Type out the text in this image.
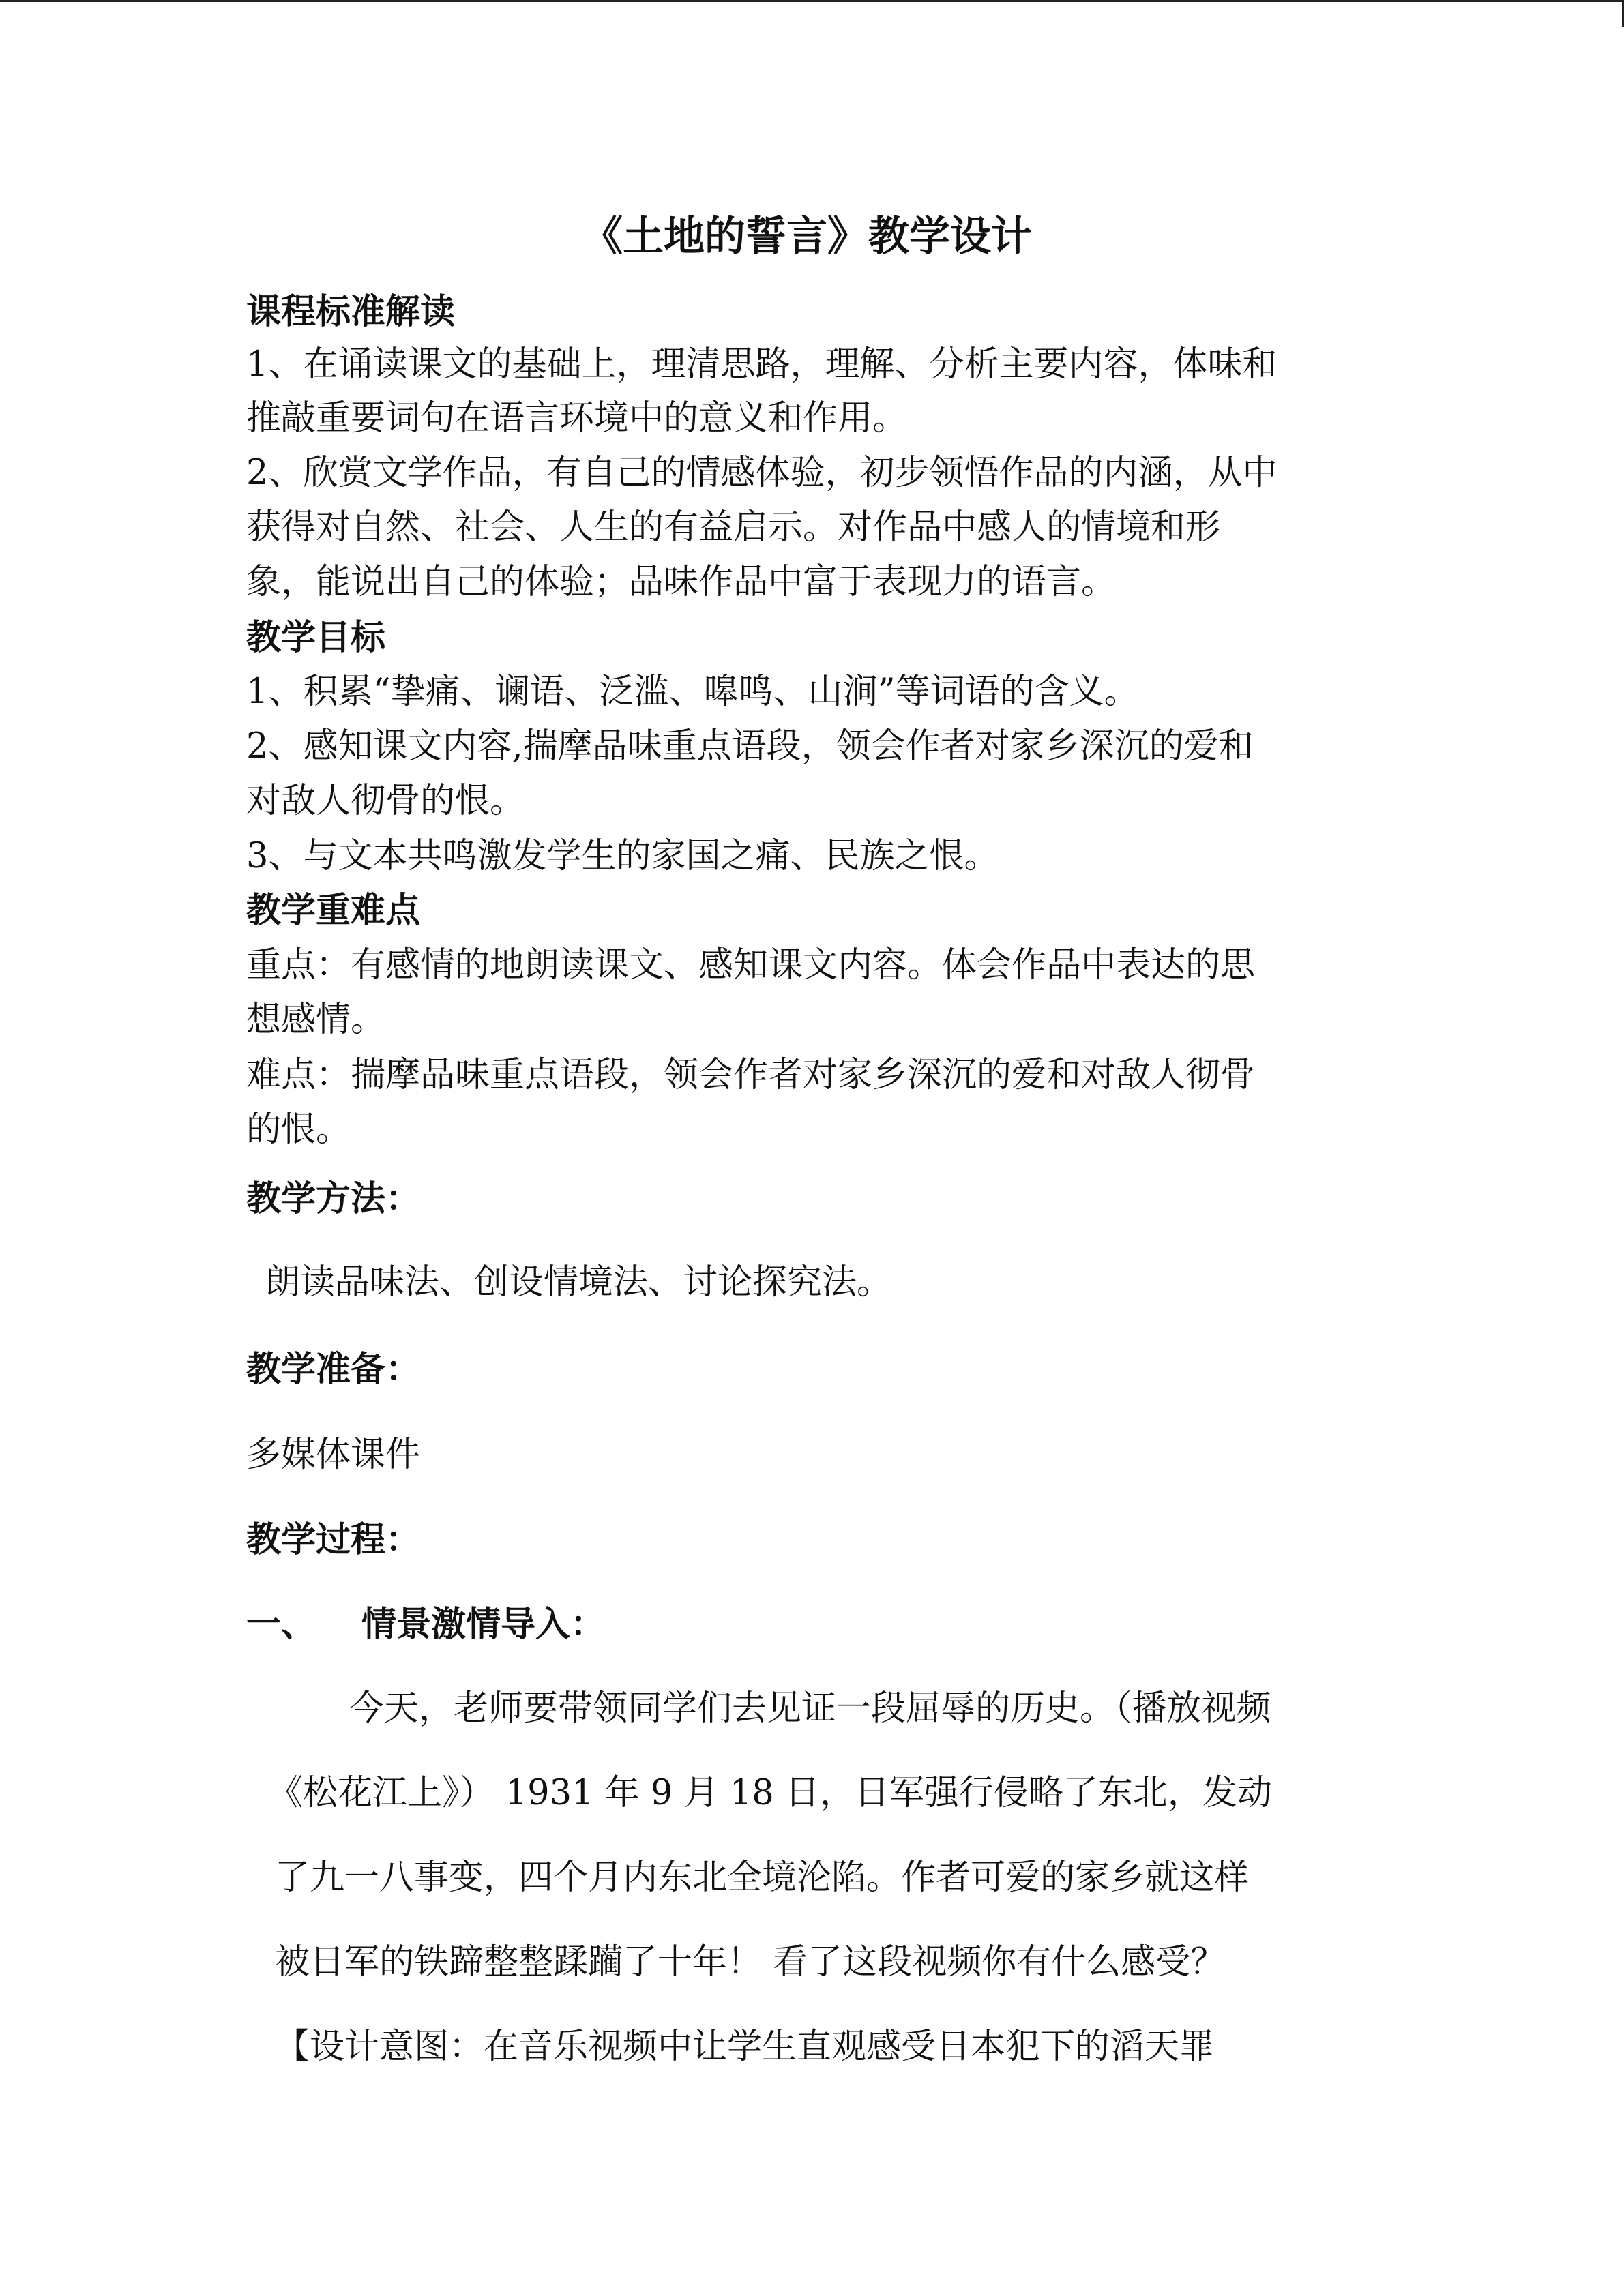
《土地的誓言》教学设计
课程标准解读
1、在诵读课文的基础上，理清思路，理解、分析主要内容，体味和
推敲重要词句在语言环境中的意义和作用。
2、欣赏文学作品，有自己的情感体验，初步领悟作品的内涵，从中
获得对自然、社会、人生的有益启示。对作品中感人的情境和形
象，能说出自己的体验；品味作品中富于表现力的语言。
教学目标
1、积累“挚痛、谰语、泛滥、嗥鸣、山涧”等词语的含义。
2、感知课文内容,揣摩品味重点语段，领会作者对家乡深沉的爱和
对敌人彻骨的恨。
3、与文本共鸣激发学生的家国之痛、民族之恨。
教学重难点
重点：有感情的地朗读课文、感知课文内容。体会作品中表达的思
想感情。
难点：揣摩品味重点语段，领会作者对家乡深沉的爱和对敌人彻骨
的恨。
教学方法：
朗读品味法、创设情境法、讨论探究法。
教学准备：
多媒体课件
教学过程：
一、 情景激情导入：
今天，老师要带领同学们去见证一段屈辱的历史。（播放视频
《松花江上》） 1931 年 9 月 18 日，日军强行侵略了东北，发动
了九一八事变，四个月内东北全境沦陷。作者可爱的家乡就这样
被日军的铁蹄整整蹂躏了十年！ 看了这段视频你有什么感受？
【设计意图：在音乐视频中让学生直观感受日本犯下的滔天罪
